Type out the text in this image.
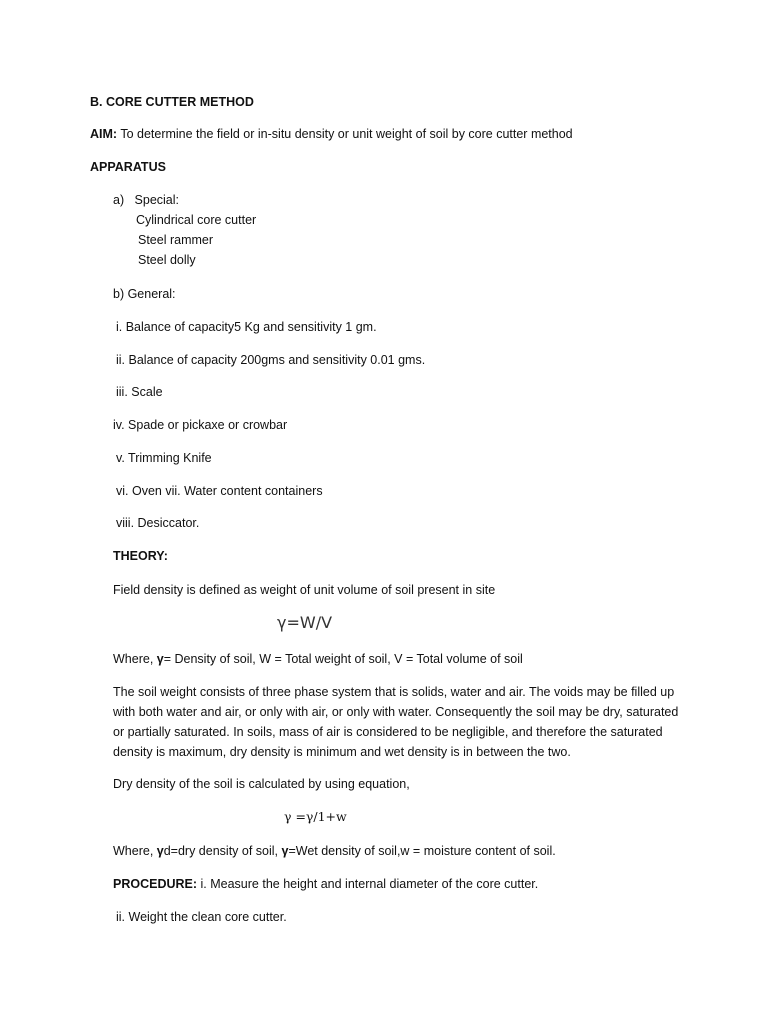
B. CORE CUTTER METHOD
AIM: To determine the field or in-situ density or unit weight of soil by core cutter method
APPARATUS
a)   Special:
Cylindrical core cutter
Steel rammer
Steel dolly
b) General:
i. Balance of capacity5 Kg and sensitivity 1 gm.
ii. Balance of capacity 200gms and sensitivity 0.01 gms.
iii. Scale
iv. Spade or pickaxe or crowbar
v. Trimming Knife
vi. Oven vii. Water content containers
viii. Desiccator.
THEORY:
Field density is defined as weight of unit volume of soil present in site
γ=W/V
Where, γ= Density of soil, W = Total weight of soil, V = Total volume of soil
The soil weight consists of three phase system that is solids, water and air. The voids may be filled up with both water and air, or only with air, or only with water. Consequently the soil may be dry, saturated or partially saturated. In soils, mass of air is considered to be negligible, and therefore the saturated density is maximum, dry density is minimum and wet density is in between the two.
Dry density of the soil is calculated by using equation,
γ =γ/1+w
Where, γd=dry density of soil, γ=Wet density of soil,w = moisture content of soil.
PROCEDURE: i. Measure the height and internal diameter of the core cutter.
ii. Weight the clean core cutter.
